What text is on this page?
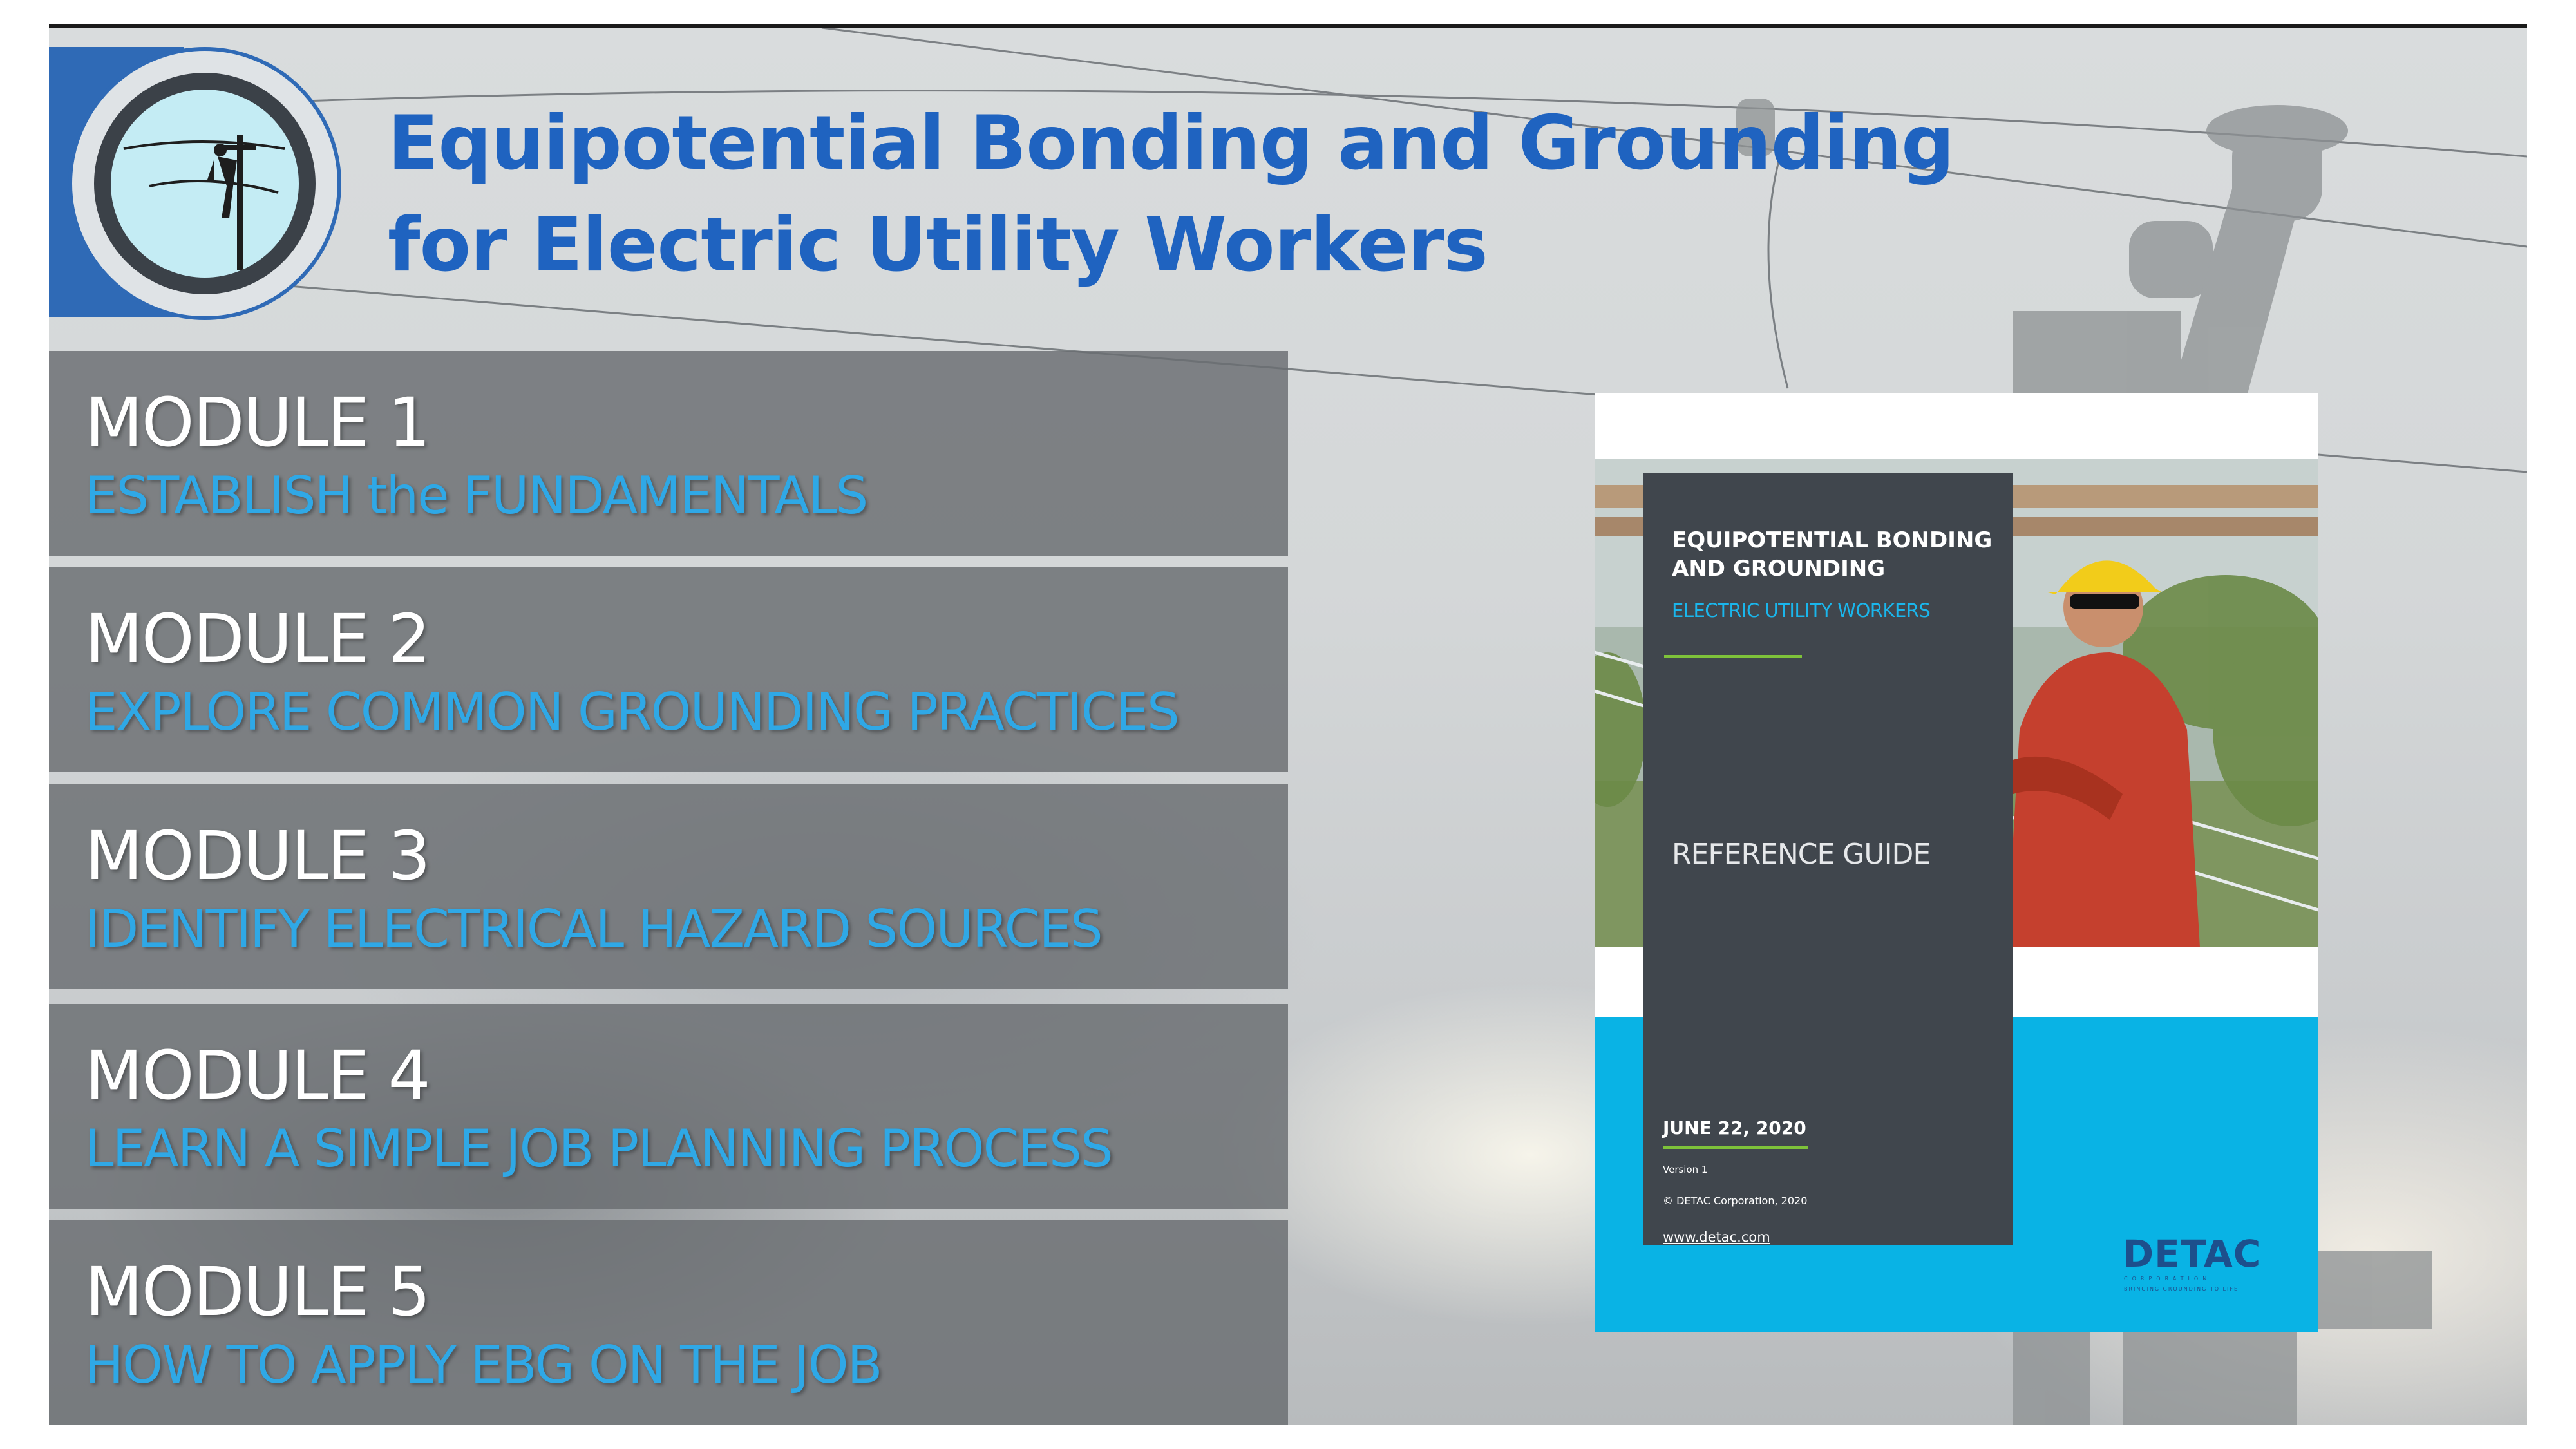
Equipotential Bonding and Grounding

for Electric Utility Workers

MODULE 1

ESTABLISH the FUNDAMENTALS

MODULE 2

EXPLORE COMMON GROUNDING PRACTICES

MODULE 3

IDENTIFY ELECTRICAL HAZARD SOURCES

MODULE 4

LEARN A SIMPLE JOB PLANNING PROCESS

MODULE 5

HOW TO APPLY EBG ON THE JOB

EQUIPOTENTIAL BONDING AND GROUNDING

ELECTRIC UTILITY WORKERS

REFERENCE GUIDE

JUNE 22, 2020

Version 1

© DETAC Corporation, 2020

www.detac.com	DETAC

CORPORATION

BRINGING GROUNDING TO LIFE
